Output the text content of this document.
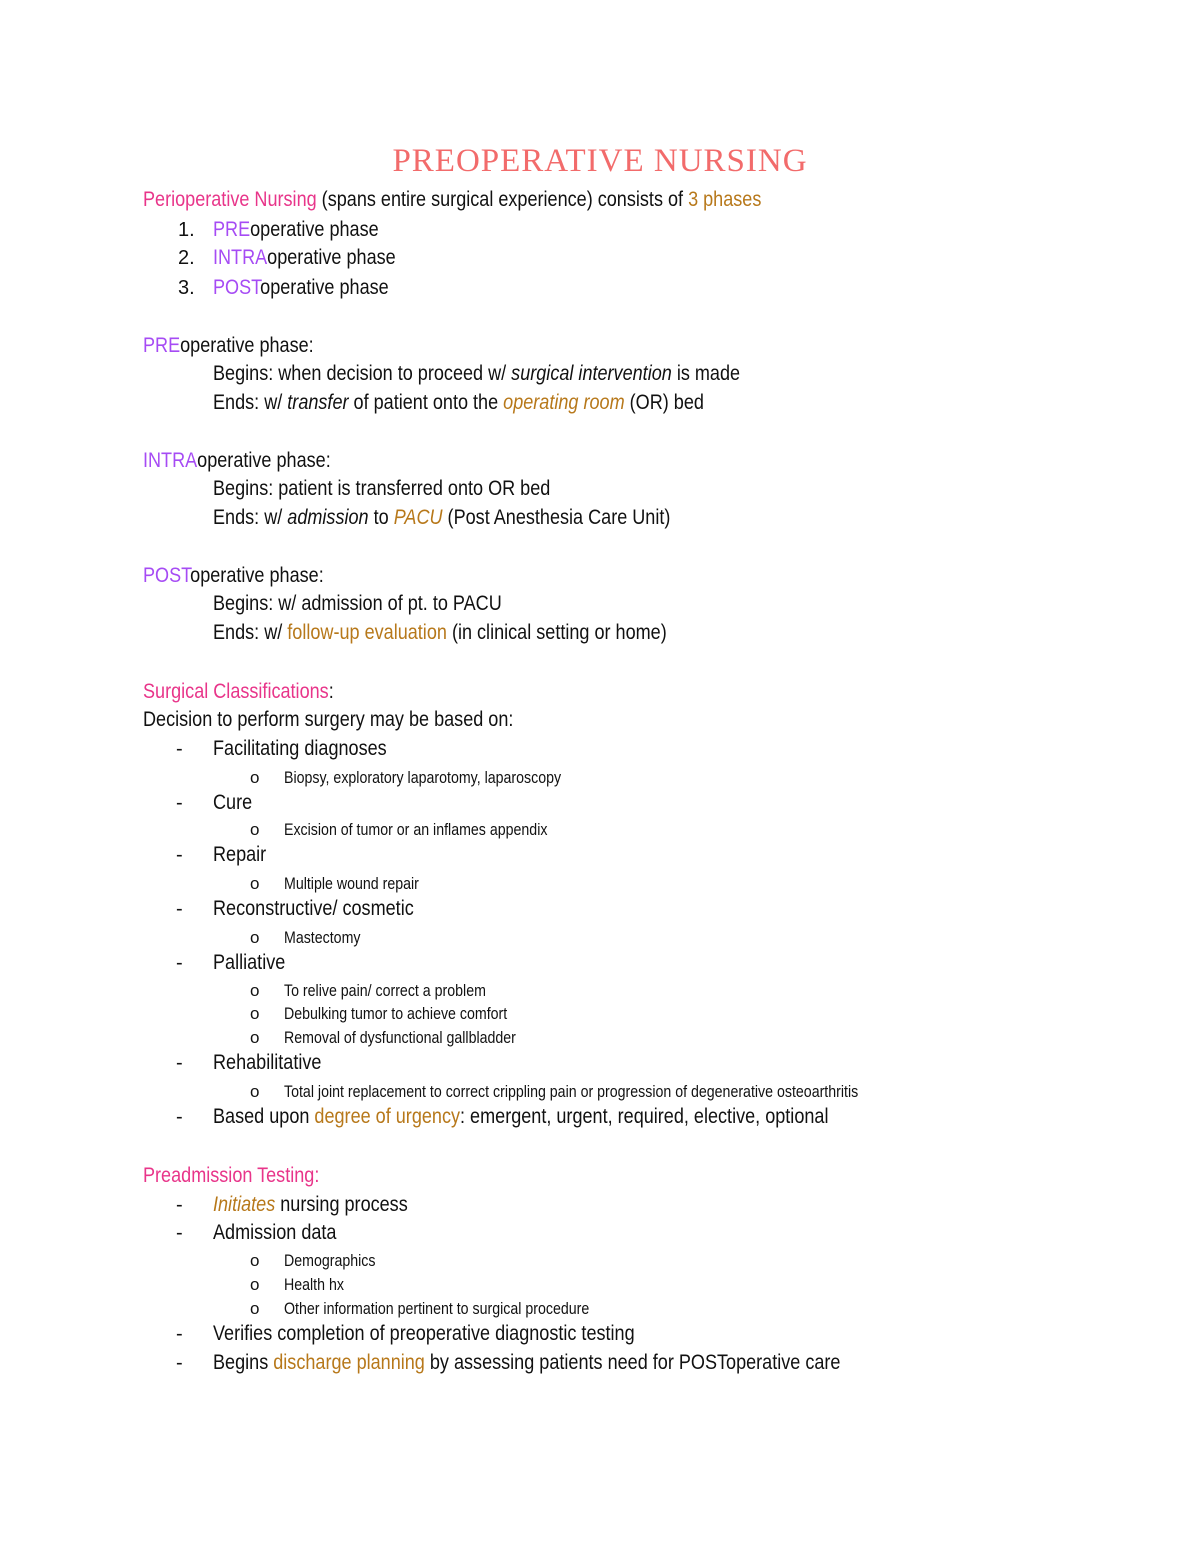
PREOPERATIVE NURSING
Perioperative Nursing (spans entire surgical experience) consists of 3 phases
1. PREoperative phase
2. INTRAoperative phase
3. POSToperative phase
PREoperative phase:
Begins: when decision to proceed w/ surgical intervention is made
Ends: w/ transfer of patient onto the operating room (OR) bed
INTRAoperative phase:
Begins: patient is transferred onto OR bed
Ends: w/ admission to PACU (Post Anesthesia Care Unit)
POSToperative phase:
Begins: w/ admission of pt. to PACU
Ends: w/ follow-up evaluation (in clinical setting or home)
Surgical Classifications:
Decision to perform surgery may be based on:
- Facilitating diagnoses
o Biopsy, exploratory laparotomy, laparoscopy
- Cure
o Excision of tumor or an inflames appendix
- Repair
o Multiple wound repair
- Reconstructive/ cosmetic
o Mastectomy
- Palliative
o To relive pain/ correct a problem
o Debulking tumor to achieve comfort
o Removal of dysfunctional gallbladder
- Rehabilitative
o Total joint replacement to correct crippling pain or progression of degenerative osteoarthritis
- Based upon degree of urgency: emergent, urgent, required, elective, optional
Preadmission Testing:
- Initiates nursing process
- Admission data
o Demographics
o Health hx
o Other information pertinent to surgical procedure
- Verifies completion of preoperative diagnostic testing
- Begins discharge planning by assessing patients need for POSToperative care
